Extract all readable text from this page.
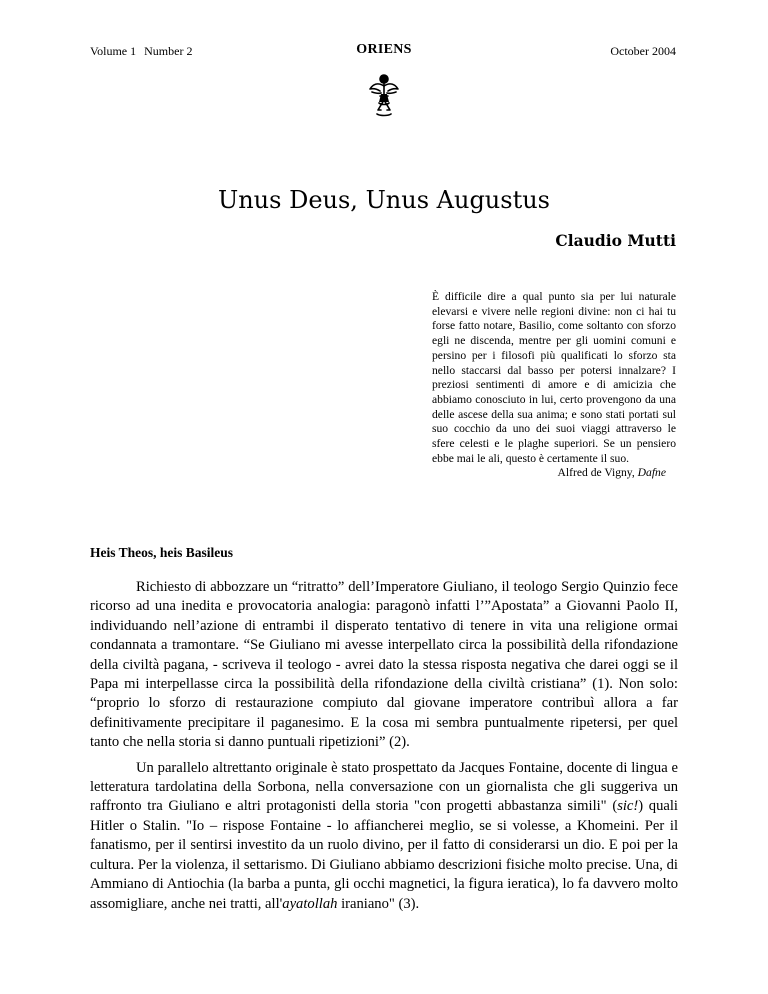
Volume 1 Number 2	ORIENS	October 2004
Unus Deus, Unus Augustus
Claudio Mutti
È difficile dire a qual punto sia per lui naturale elevarsi e vivere nelle regioni divine: non ci hai tu forse fatto notare, Basilio, come soltanto con sforzo egli ne discenda, mentre per gli uomini comuni e persino per i filosofi più qualificati lo sforzo sta nello staccarsi dal basso per potersi innalzare? I preziosi sentimenti di amore e di amicizia che abbiamo conosciuto in lui, certo provengono da una delle ascese della sua anima; e sono stati portati sul suo cocchio da uno dei suoi viaggi attraverso le sfere celesti e le plaghe superiori. Se un pensiero ebbe mai le ali, questo è certamente il suo.
Alfred de Vigny, Dafne
Heis Theos, heis Basileus

Richiesto di abbozzare un “ritratto” dell’Imperatore Giuliano, il teologo Sergio Quinzio fece ricorso ad una inedita e provocatoria analogia: paragonò infatti l’”Apostata” a Giovanni Paolo II, individuando nell’azione di entrambi il disperato tentativo di tenere in vita una religione ormai condannata a tramontare. “Se Giuliano mi avesse interpellato circa la possibilità della rifondazione della civiltà pagana, - scriveva il teologo - avrei dato la stessa risposta negativa che darei oggi se il Papa mi interpellasse circa la possibilità della rifondazione della civiltà cristiana” (1). Non solo: “proprio lo sforzo di restaurazione compiuto dal giovane imperatore contribuì allora a far definitivamente precipitare il paganesimo. E la cosa mi sembra puntualmente ripetersi, per quel tanto che nella storia si danno puntuali ripetizioni” (2).

Un parallelo altrettanto originale è stato prospettato da Jacques Fontaine, docente di lingua e letteratura tardolatina della Sorbona, nella conversazione con un giornalista che gli suggeriva un raffronto tra Giuliano e altri protagonisti della storia "con progetti abbastanza simili" (sic!) quali Hitler o Stalin. "Io – rispose Fontaine - lo affiancherei meglio, se si volesse, a Khomeini. Per il fanatismo, per il sentirsi investito da un ruolo divino, per il fatto di considerarsi un dio. E poi per la cultura. Per la violenza, il settarismo. Di Giuliano abbiamo descrizioni fisiche molto precise. Una, di Ammiano di Antiochia (la barba a punta, gli occhi magnetici, la figura ieratica), lo fa davvero molto assomigliare, anche nei tratti, all'ayatollah iraniano" (3).
